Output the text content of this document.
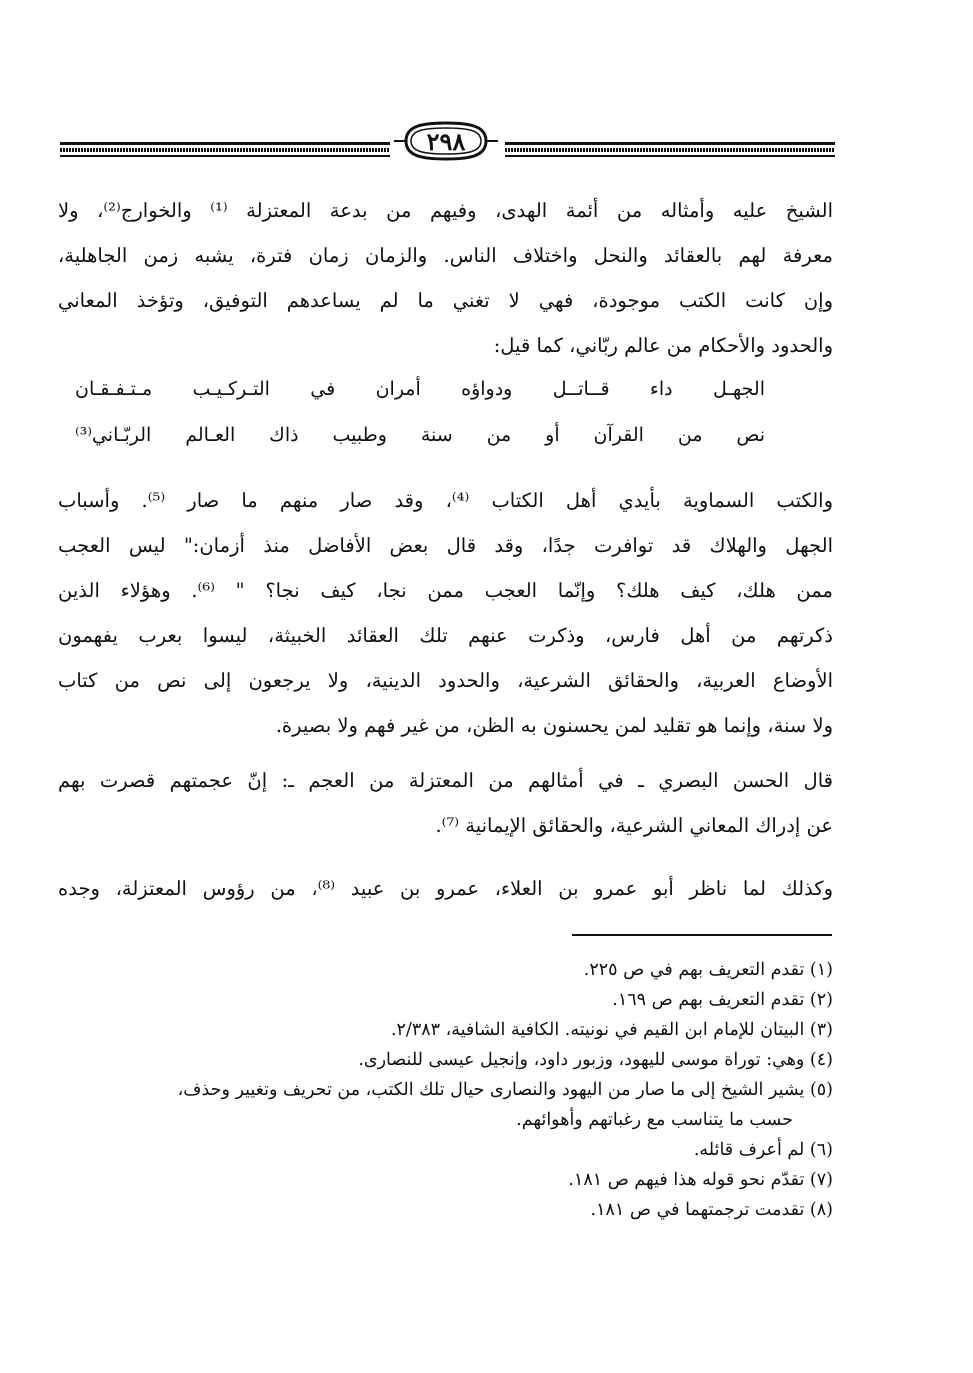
٢٩٨
الشيخ عليه وأمثاله من أئمة الهدى، وفيهم من بدعة المعتزلة ⁽¹⁾ والخوارج⁽²⁾، ولا
معرفة لهم بالعقائد والنحل واختلاف الناس. والزمان زمان فترة، يشبه زمن الجاهلية،
وإن كانت الكتب موجودة، فهي لا تغني ما لم يساعدهم التوفيق، وتؤخذ المعاني
والحدود والأحكام من عالم ربّاني، كما قيل:
الجهـل داء قــاتــل ودواؤه أمران في التـركـيـب مـتـفـقـان
نص من القرآن أو من سنة وطبيب ذاك العـالم الربّـاني⁽³⁾
والكتب السماوية بأيدي أهل الكتاب ⁽⁴⁾، وقد صار منهم ما صار ⁽⁵⁾. وأسباب
الجهل والهلاك قد توافرت جدًا، وقد قال بعض الأفاضل منذ أزمان:" ليس العجب
ممن هلك، كيف هلك؟ وإنّما العجب ممن نجا، كيف نجا؟ " ⁽⁶⁾. وهؤلاء الذين
ذكرتهم من أهل فارس، وذكرت عنهم تلك العقائد الخبيثة، ليسوا بعرب يفهمون
الأوضاع العربية، والحقائق الشرعية، والحدود الدينية، ولا يرجعون إلى نص من كتاب
ولا سنة، وإنما هو تقليد لمن يحسنون به الظن، من غير فهم ولا بصيرة.
قال الحسن البصري ـ في أمثالهم من المعتزلة من العجم ـ: إنّ عجمتهم قصرت بهم
عن إدراك المعاني الشرعية، والحقائق الإيمانية ⁽⁷⁾.
وكذلك لما ناظر أبو عمرو بن العلاء، عمرو بن عبيد ⁽⁸⁾، من رؤوس المعتزلة، وجده

(١) تقدم التعريف بهم في ص ٢٢٥.

(٢) تقدم التعريف بهم ص ١٦٩.

(٣) البيتان للإمام ابن القيم في نونيته. الكافية الشافية، ٢/٣٨٣.

(٤) وهي: توراة موسى لليهود، وزبور داود، وإنجيل عيسى للنصارى.

(٥) يشير الشيخ إلى ما صار من اليهود والنصارى حيال تلك الكتب، من تحريف وتغيير وحذف،

حسب ما يتناسب مع رغباتهم وأهوائهم.

(٦) لم أعرف قائله.

(٧) تقدّم نحو قوله هذا فيهم ص ١٨١.

(٨) تقدمت ترجمتهما في ص ١٨١.
